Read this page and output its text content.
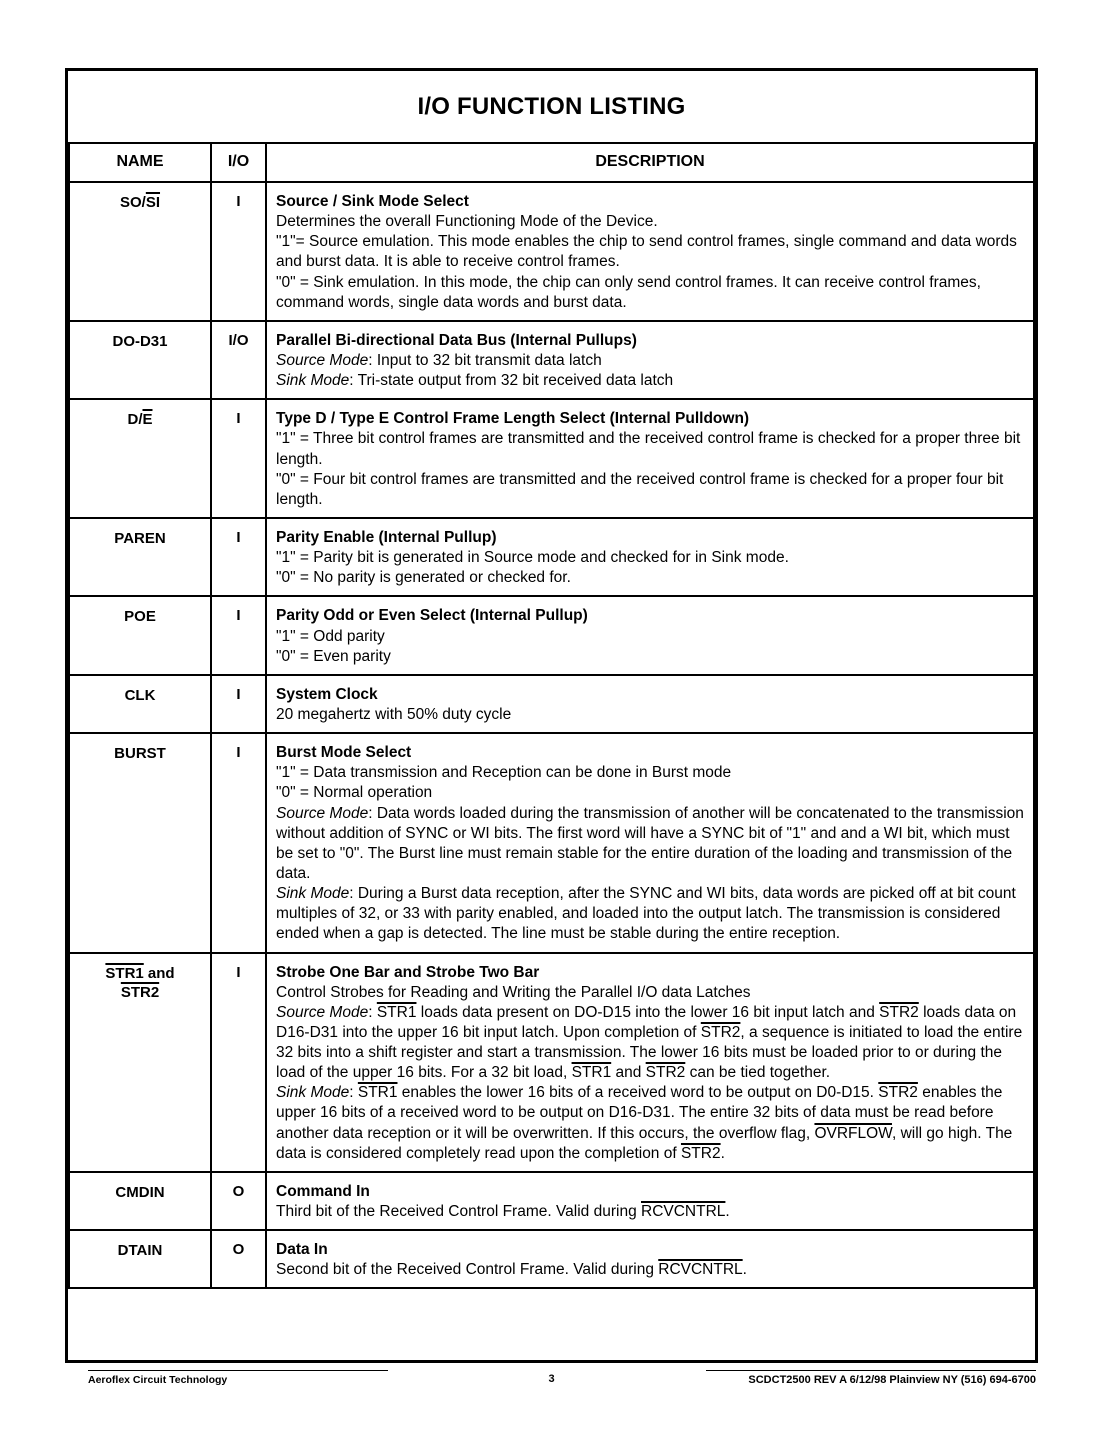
I/O FUNCTION LISTING
NAME	I/O	DESCRIPTION
$SO/\overline{SI}$	I	Source / Sink Mode Select
Determines the overall Functioning Mode of the Device.
"1"= Source emulation. This mode enables the chip to send control frames, single command and data words and burst data. It is able to receive control frames.
"0" = Sink emulation. In this mode, the chip can only send control frames. It can receive control frames, command words, single data words and burst data.

DO-D31	I/O	Parallel Bi-directional Data Bus (Internal Pullups)
Source Mode: Input to 32 bit transmit data latch
Sink Mode: Tri-state output from 32 bit received data latch

$D/\overline{E}$	I	Type D / Type E Control Frame Length Select (Internal Pulldown)
"1" = Three bit control frames are transmitted and the received control frame is checked for a proper three bit length.
"0" = Four bit control frames are transmitted and the received control frame is checked for a proper four bit length.

PAREN	I	Parity Enable (Internal Pullup)
"1" = Parity bit is generated in Source mode and checked for in Sink mode.
"0" = No parity is generated or checked for.

POE	I	Parity Odd or Even Select (Internal Pullup)
"1" = Odd parity
"0" = Even parity

CLK	I	System Clock
20 megahertz with 50% duty cycle

BURST	I	Burst Mode Select
"1" = Data transmission and Reception can be done in Burst mode
"0" = Normal operation
Source Mode: Data words loaded during the transmission of another will be concatenated to the transmission without addition of SYNC or WI bits. The first word will have a SYNC bit of "1" and and a WI bit, which must be set to "0". The Burst line must remain stable for the entire duration of the loading and transmission of the data.
Sink Mode: During a Burst data reception, after the SYNC and WI bits, data words are picked off at bit count multiples of 32, or 33 with parity enabled, and loaded into the output latch. The transmission is considered ended when a gap is detected. The line must be stable during the entire reception.

STR1 and
STR2	I	Strobe One Bar and Strobe Two Bar
Control Strobes for Reading and Writing the Parallel I/O data Latches
Source Mode: STR1 loads data present on DO-D15 into the lower 16 bit input latch and STR2 loads data on D16-D31 into the upper 16 bit input latch. Upon completion of STR2, a sequence is initiated to load the entire 32 bits into a shift register and start a transmission. The lower 16 bits must be loaded prior to or during the load of the upper 16 bits. For a 32 bit load, STR1 and STR2 can be tied together.
Sink Mode: STR1 enables the lower 16 bits of a received word to be output on D0-D15. STR2 enables the upper 16 bits of a received word to be output on D16-D31. The entire 32 bits of data must be read before another data reception or it will be overwritten. If this occurs, the overflow flag, OVRFLOW, will go high. The data is considered completely read upon the completion of STR2.

CMDIN	O	Command In
Third bit of the Received Control Frame. Valid during RCVCNTRL.

DTAIN	O	Data In
Second bit of the Received Control Frame. Valid during RCVCNTRL.
Aeroflex Circuit Technology	3	SCDCT2500 REV A 6/12/98 Plainview NY (516) 694-6700
